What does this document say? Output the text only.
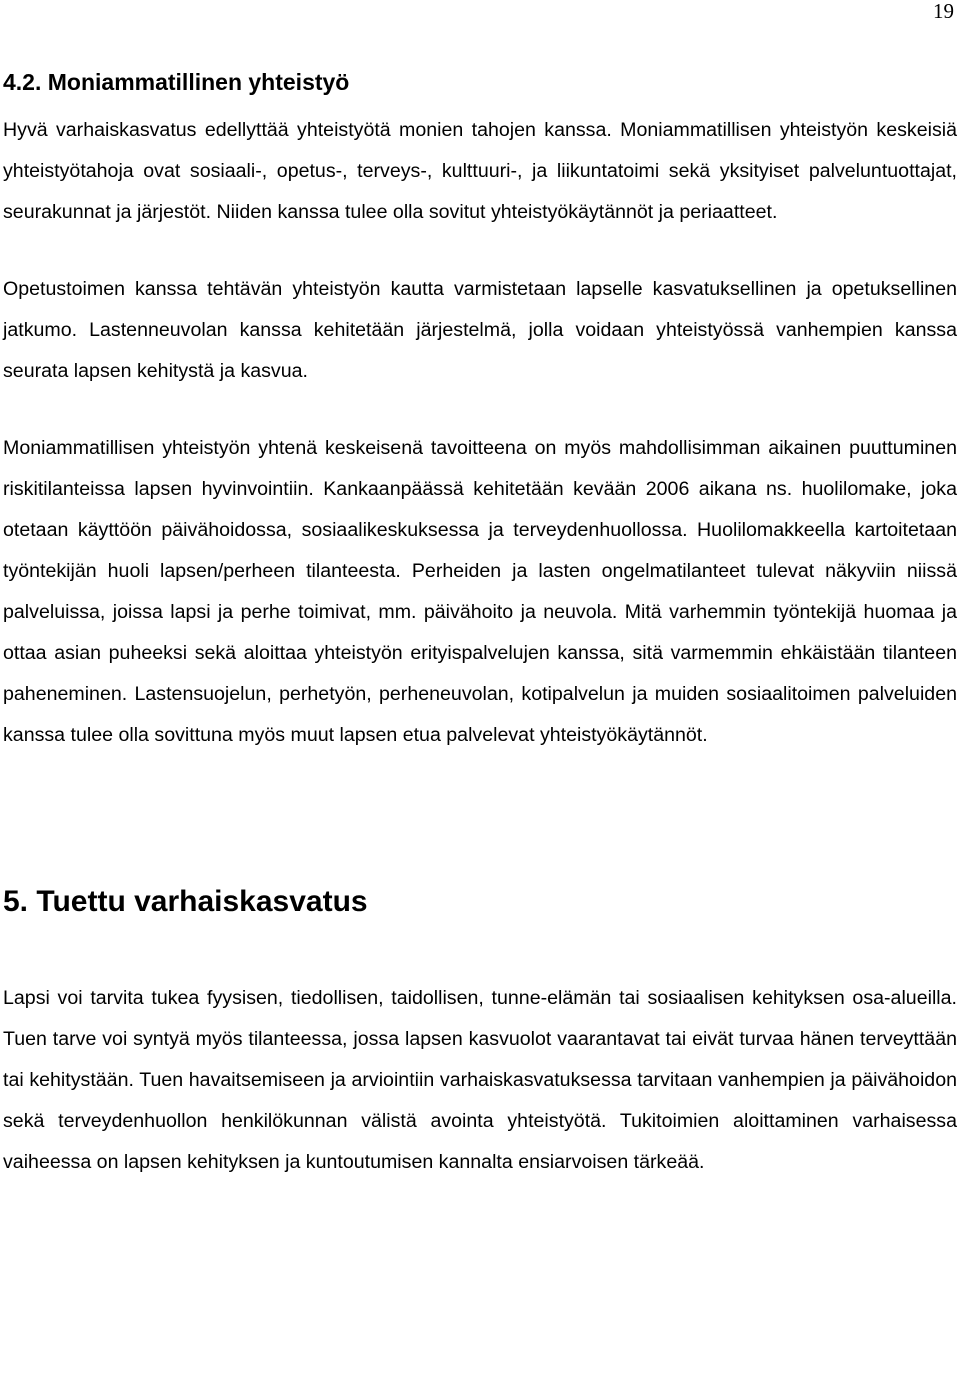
19
4.2. Moniammatillinen yhteistyö

Hyvä varhaiskasvatus edellyttää yhteistyötä monien tahojen kanssa. Moniammatillisen yhteistyön keskeisiä yhteistyötahoja ovat sosiaali-, opetus-, terveys-, kulttuuri-, ja liikuntatoimi sekä yksityiset palveluntuottajat, seurakunnat ja järjestöt. Niiden kanssa tulee olla sovitut yhteistyökäytännöt ja periaatteet.

Opetustoimen kanssa tehtävän yhteistyön kautta varmistetaan lapselle kasvatuksellinen ja opetuksellinen jatkumo. Lastenneuvolan kanssa kehitetään järjestelmä, jolla voidaan yhteistyössä vanhempien kanssa seurata lapsen kehitystä ja kasvua.

Moniammatillisen yhteistyön yhtenä keskeisenä tavoitteena on myös mahdollisimman aikainen puuttuminen riskitilanteissa lapsen hyvinvointiin. Kankaanpäässä kehitetään kevään 2006 aikana ns. huolilomake, joka otetaan käyttöön päivähoidossa, sosiaalikeskuksessa ja terveydenhuollossa. Huolilomakkeella kartoitetaan työntekijän huoli lapsen/perheen tilanteesta. Perheiden ja lasten ongelmatilanteet tulevat näkyviin niissä palveluissa, joissa lapsi ja perhe toimivat, mm. päivähoito ja neuvola. Mitä varhemmin työntekijä huomaa ja ottaa asian puheeksi sekä aloittaa yhteistyön erityispalvelujen kanssa, sitä varmemmin ehkäistään tilanteen paheneminen. Lastensuojelun, perhetyön, perheneuvolan, kotipalvelun ja muiden sosiaalitoimen palveluiden kanssa tulee olla sovittuna myös muut lapsen etua palvelevat yhteistyökäytännöt.

5. Tuettu varhaiskasvatus

Lapsi voi tarvita tukea fyysisen, tiedollisen, taidollisen, tunne-elämän tai sosiaalisen kehityksen osa-alueilla. Tuen tarve voi syntyä myös tilanteessa, jossa lapsen kasvuolot vaarantavat tai eivät turvaa hänen terveyttään tai kehitystään. Tuen havaitsemiseen ja arviointiin varhaiskasvatuksessa tarvitaan vanhempien ja päivähoidon sekä terveydenhuollon henkilökunnan välistä avointa yhteistyötä. Tukitoimien aloittaminen varhaisessa vaiheessa on lapsen kehityksen ja kuntoutumisen kannalta ensiarvoisen tärkeää.
